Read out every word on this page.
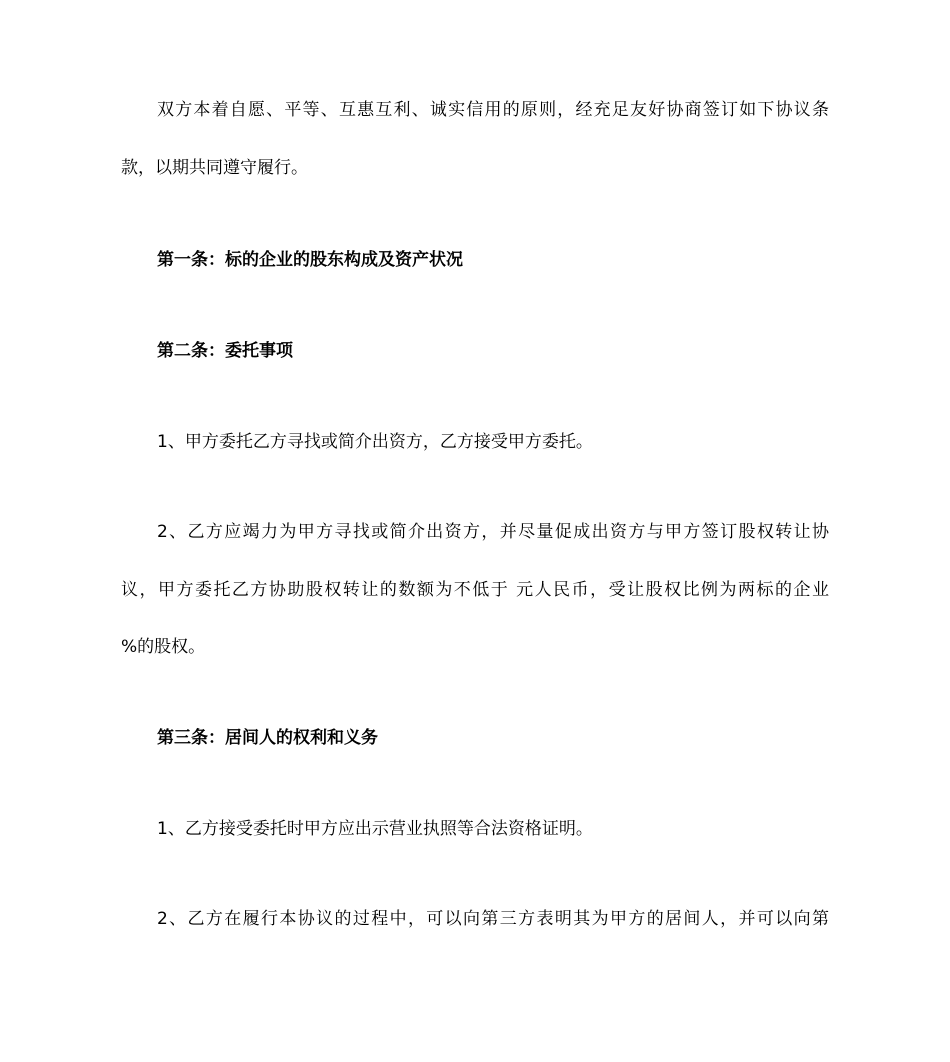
双方本着自愿、平等、互惠互利、诚实信用的原则，经充足友好协商签订如下协议条
款，以期共同遵守履行。
第一条：标的企业的股东构成及资产状况
第二条：委托事项
1、甲方委托乙方寻找或简介出资方，乙方接受甲方委托。
2、乙方应竭力为甲方寻找或简介出资方，并尽量促成出资方与甲方签订股权转让协
议，甲方委托乙方协助股权转让的数额为不低于 元人民币，受让股权比例为两标的企业
%的股权。
第三条：居间人的权利和义务
1、乙方接受委托时甲方应出示营业执照等合法资格证明。
2、乙方在履行本协议的过程中，可以向第三方表明其为甲方的居间人，并可以向第
